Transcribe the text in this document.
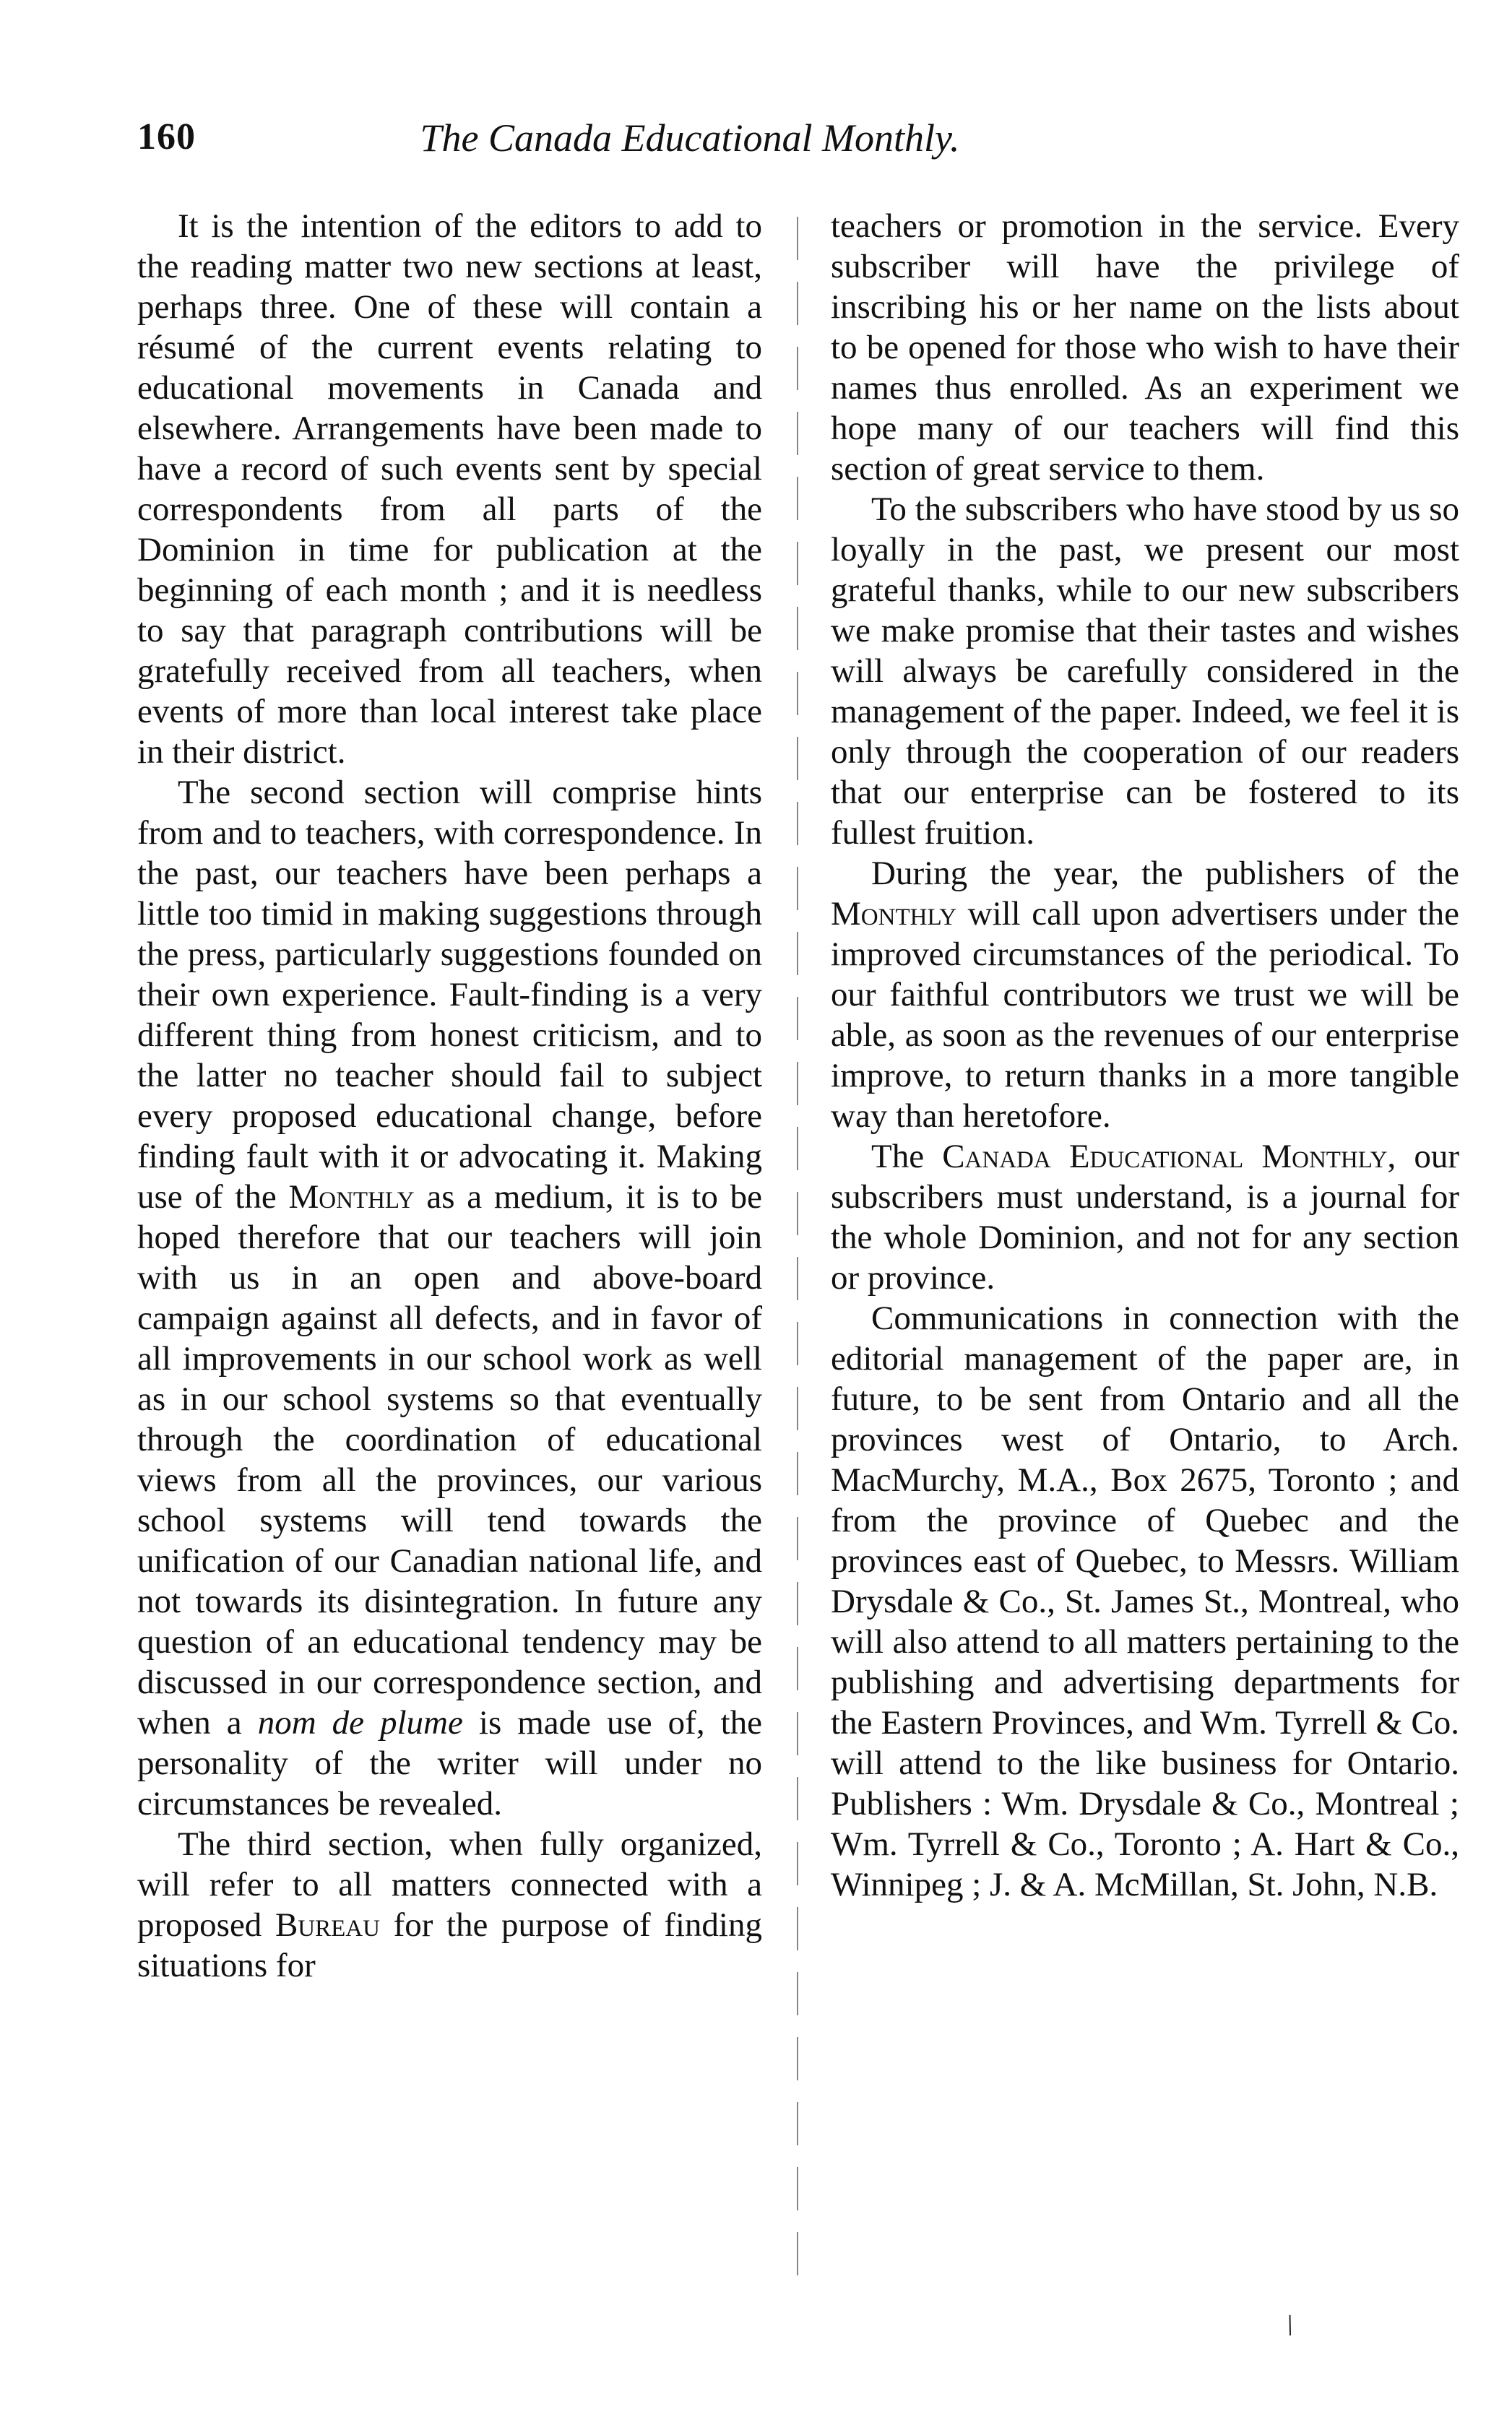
160	The Canada Educational Monthly.

It is the intention of the editors to add to the reading matter two new sections at least, perhaps three. One of these will contain a résumé of the current events relating to educational movements in Canada and elsewhere. Arrangements have been made to have a record of such events sent by special correspondents from all parts of the Dominion in time for publication at the beginning of each month ; and it is needless to say that paragraph contributions will be gratefully received from all teachers, when events of more than local interest take place in their district.

The second section will comprise hints from and to teachers, with correspondence. In the past, our teachers have been perhaps a little too timid in making suggestions through the press, particularly suggestions founded on their own experience. Fault-finding is a very different thing from honest criticism, and to the latter no teacher should fail to subject every proposed educational change, before finding fault with it or advocating it. Making use of the Monthly as a medium, it is to be hoped therefore that our teachers will join with us in an open and above-board campaign against all defects, and in favor of all improvements in our school work as well as in our school systems so that eventually through the coordination of educational views from all the provinces, our various school systems will tend towards the unification of our Canadian national life, and not towards its disintegration. In future any question of an educational tendency may be discussed in our correspondence section, and when a nom de plume is made use of, the personality of the writer will under no circumstances be revealed.

The third section, when fully organized, will refer to all matters connected with a proposed Bureau for the purpose of finding situations for

teachers or promotion in the service. Every subscriber will have the privilege of inscribing his or her name on the lists about to be opened for those who wish to have their names thus enrolled. As an experiment we hope many of our teachers will find this section of great service to them.

To the subscribers who have stood by us so loyally in the past, we present our most grateful thanks, while to our new subscribers we make promise that their tastes and wishes will always be carefully considered in the management of the paper. Indeed, we feel it is only through the cooperation of our readers that our enterprise can be fostered to its fullest fruition.

During the year, the publishers of the Monthly will call upon advertisers under the improved circumstances of the periodical. To our faithful contributors we trust we will be able, as soon as the revenues of our enterprise improve, to return thanks in a more tangible way than heretofore.

The Canada Educational Monthly, our subscribers must understand, is a journal for the whole Dominion, and not for any section or province.

Communications in connection with the editorial management of the paper are, in future, to be sent from Ontario and all the provinces west of Ontario, to Arch. MacMurchy, M.A., Box 2675, Toronto ; and from the province of Quebec and the provinces east of Quebec, to Messrs. William Drysdale & Co., St. James St., Montreal, who will also attend to all matters pertaining to the publishing and advertising departments for the Eastern Provinces, and Wm. Tyrrell & Co. will attend to the like business for Ontario. Publishers : Wm. Drysdale & Co., Montreal ; Wm. Tyrrell & Co., Toronto ; A. Hart & Co., Winnipeg ; J. & A. McMillan, St. John, N.B.

/
